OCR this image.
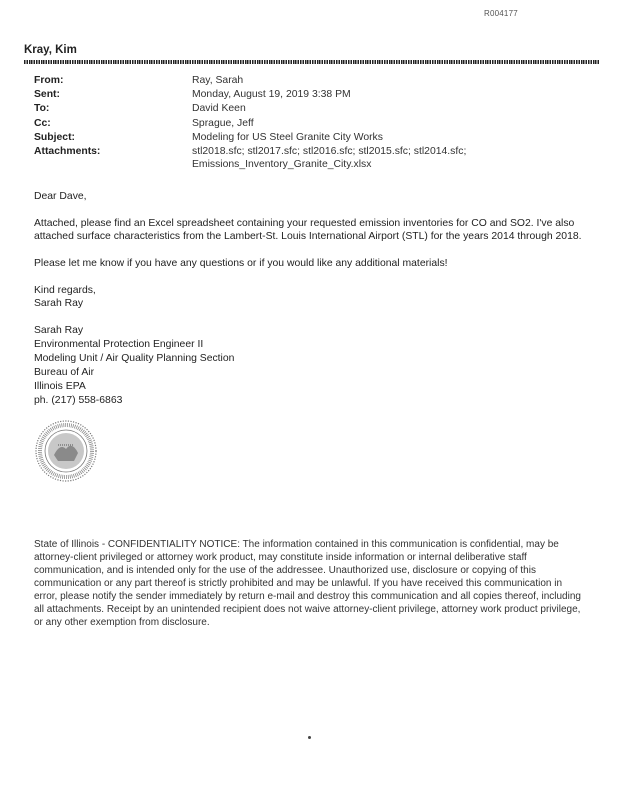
R004177
Kray, Kim
From:	Ray, Sarah
Sent:	Monday, August 19, 2019 3:38 PM
To:	David Keen
Cc:	Sprague, Jeff
Subject:	Modeling for US Steel Granite City Works
Attachments:	stl2018.sfc; stl2017.sfc; stl2016.sfc; stl2015.sfc; stl2014.sfc;
Emissions_Inventory_Granite_City.xlsx

Dear Dave,

Attached, please find an Excel spreadsheet containing your requested emission inventories for CO and SO2. I've also attached surface characteristics from the Lambert-St. Louis International Airport (STL) for the years 2014 through 2018.

Please let me know if you have any questions or if you would like any additional materials!

Kind regards,
Sarah Ray
Sarah Ray
Environmental Protection Engineer II
Modeling Unit / Air Quality Planning Section
Bureau of Air
Illinois EPA
ph. (217) 558-6863
State of Illinois - CONFIDENTIALITY NOTICE: The information contained in this communication is confidential, may be attorney-client privileged or attorney work product, may constitute inside information or internal deliberative staff communication, and is intended only for the use of the addressee. Unauthorized use, disclosure or copying of this communication or any part thereof is strictly prohibited and may be unlawful. If you have received this communication in error, please notify the sender immediately by return e-mail and destroy this communication and all copies thereof, including all attachments. Receipt by an unintended recipient does not waive attorney-client privilege, attorney work product privilege, or any other exemption from disclosure.
